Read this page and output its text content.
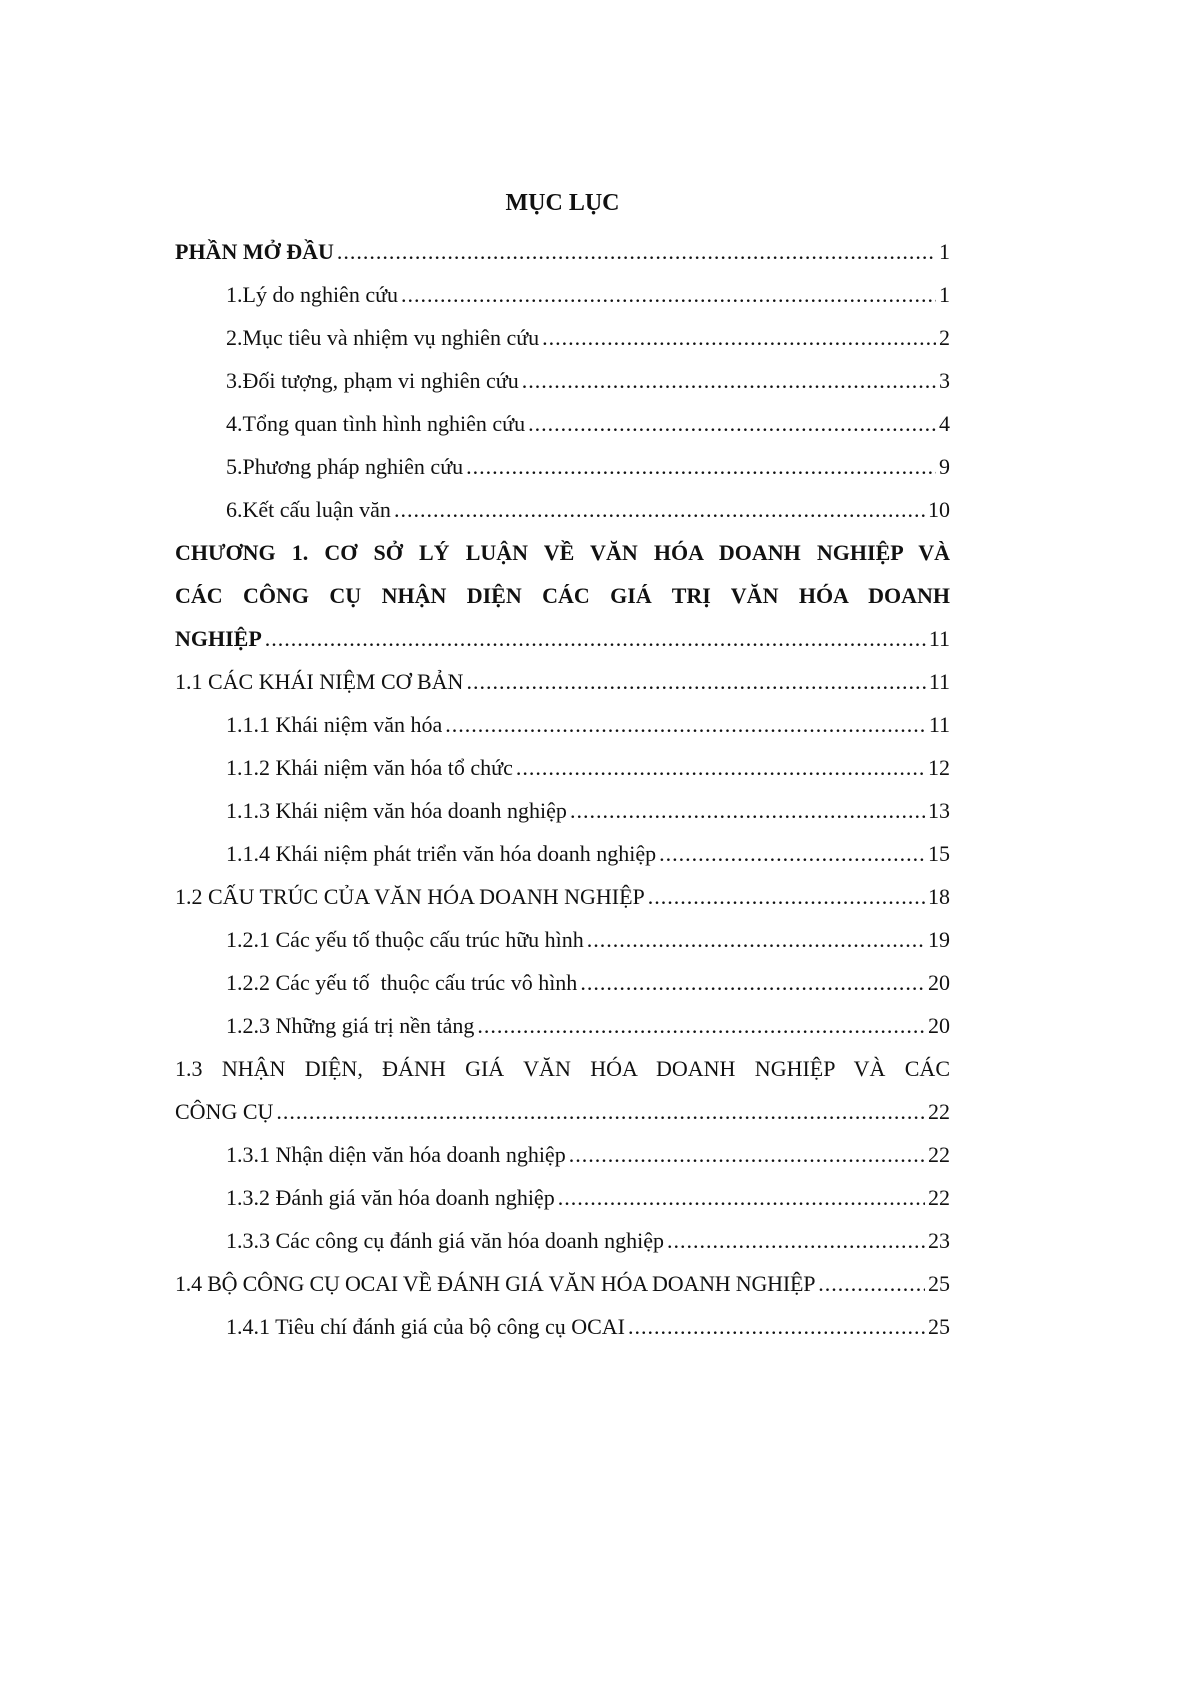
MỤC LỤC
PHẦN MỞ ĐẦU .....	1
1. Lý do nghiên cứu .....	1
2. Mục tiêu và nhiệm vụ nghiên cứu .....	2
3. Đối tượng, phạm vi nghiên cứu .....	3
4. Tổng quan tình hình nghiên cứu .....	4
5. Phương pháp nghiên cứu .....	9
6. Kết cấu luận văn .....	10
CHƯƠNG 1. CƠ SỞ LÝ LUẬN VỀ VĂN HÓA DOANH NGHIỆP VÀ
CÁC CÔNG CỤ NHẬN DIỆN CÁC GIÁ TRỊ VĂN HÓA DOANH
NGHIỆP .....	11
1.1 CÁC KHÁI NIỆM CƠ BẢN .....	11
1.1.1 Khái niệm văn hóa .....	11
1.1.2 Khái niệm văn hóa tổ chức .....	12
1.1.3 Khái niệm văn hóa doanh nghiệp .....	13
1.1.4 Khái niệm phát triển văn hóa doanh nghiệp .....	15
1.2 CẤU TRÚC CỦA VĂN HÓA DOANH NGHIỆP .....	18
1.2.1 Các yếu tố thuộc cấu trúc hữu hình .....	19
1.2.2 Các yếu tố  thuộc cấu trúc vô hình .....	20
1.2.3 Những giá trị nền tảng .....	20
1.3 NHẬN DIỆN, ĐÁNH GIÁ VĂN HÓA DOANH NGHIỆP VÀ CÁC
CÔNG CỤ .....	22
1.3.1 Nhận diện văn hóa doanh nghiệp .....	22
1.3.2 Đánh giá văn hóa doanh nghiệp .....	22
1.3.3 Các công cụ đánh giá văn hóa doanh nghiệp .....	23
1.4 BỘ CÔNG CỤ OCAI VỀ ĐÁNH GIÁ VĂN HÓA DOANH NGHIỆP .....	25
1.4.1 Tiêu chí đánh giá của bộ công cụ OCAI .....	25
